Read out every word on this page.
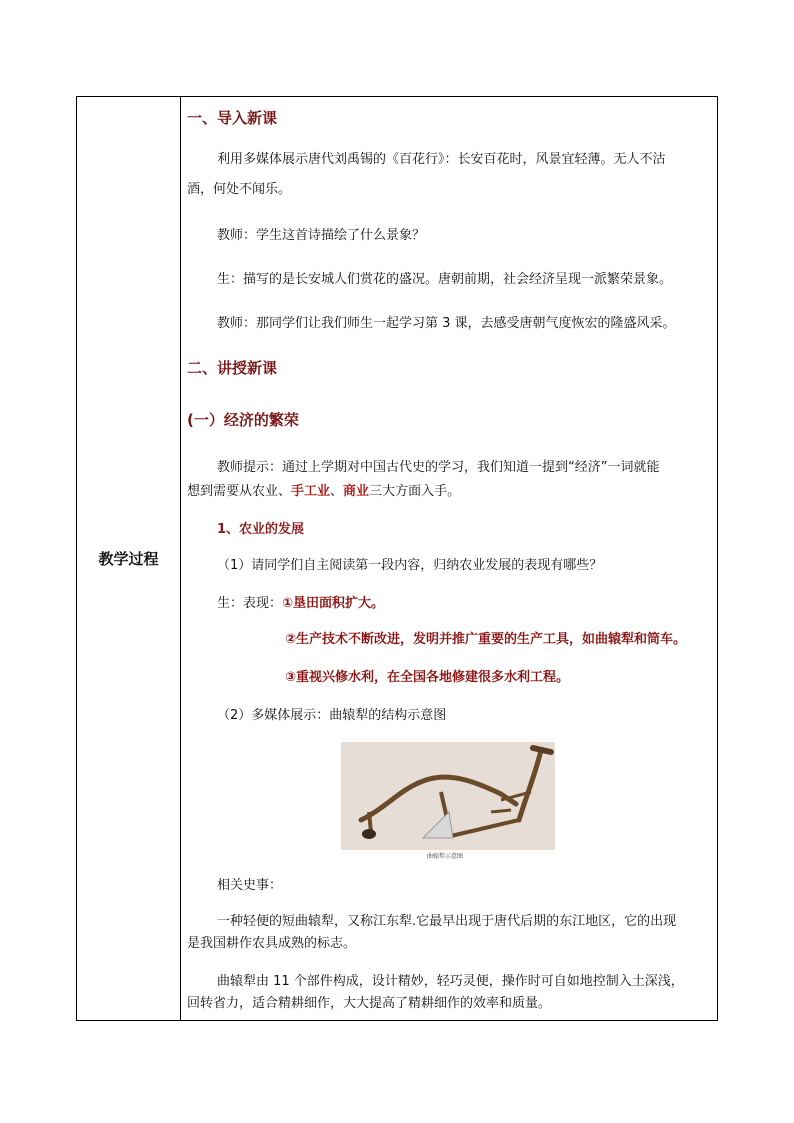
教学过程
一、导入新课
利用多媒体展示唐代刘禹锡的《百花行》：长安百花时，风景宜轻薄。无人不沽
酒，何处不闻乐。
教师：学生这首诗描绘了什么景象？
生：描写的是长安城人们赏花的盛况。唐朝前期，社会经济呈现一派繁荣景象。
教师：那同学们让我们师生一起学习第 3 课，去感受唐朝气度恢宏的隆盛风采。
二、讲授新课
(一）经济的繁荣
教师提示：通过上学期对中国古代史的学习，我们知道一提到“经济”一词就能
想到需要从农业、手工业、商业三大方面入手。
1、农业的发展
（1）请同学们自主阅读第一段内容，归纳农业发展的表现有哪些？
生：表现：①垦田面积扩大。
②生产技术不断改进，发明并推广重要的生产工具，如曲辕犁和筒车。
③重视兴修水利，在全国各地修建很多水利工程。
（2）多媒体展示：曲辕犁的结构示意图
曲辕犁示意图
相关史事：
一种轻便的短曲辕犁，又称江东犁.它最早出现于唐代后期的东江地区，它的出现
是我国耕作农具成熟的标志。
曲辕犁由 11 个部件构成，设计精妙，轻巧灵便，操作时可自如地控制入土深浅，
回转省力，适合精耕细作，大大提高了精耕细作的效率和质量。
